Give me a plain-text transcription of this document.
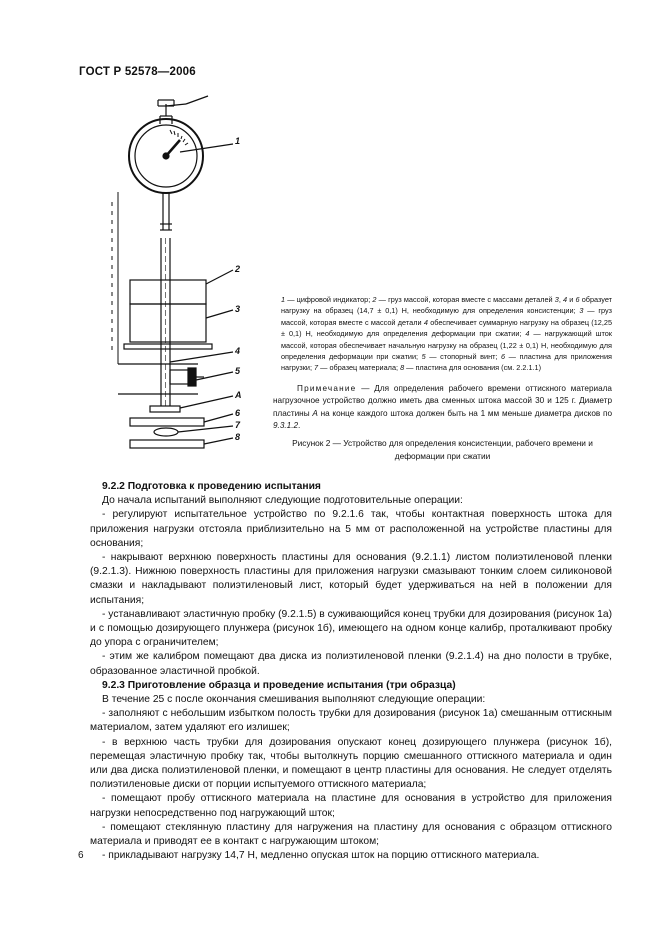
ГОСТ Р 52578—2006
1
2
3
4
5
А
6
7
8

1 — цифровой индикатор; 2 — груз массой, которая вместе с массами деталей 3, 4 и 6 образует нагрузку на образец (14,7 ± 0,1) Н, необходимую для определения консистенции; 3 — груз массой, которая вместе с массой детали 4 обеспечивает суммарную нагрузку на образец (12,25 ± 0,1) Н, необходимую для определения деформации при сжатии; 4 — нагружающий шток массой, которая обеспечивает начальную нагрузку на образец (1,22 ± 0,1) Н, необходимую для определения деформации при сжатии; 5 — стопорный винт; 6 — пластина для приложения нагрузки; 7 — образец материала; 8 — пластина для основания (см. 2.2.1.1)

Примечание — Для определения рабочего времени оттискного материала нагрузочное устройство должно иметь два сменных штока массой 30 и 125 г. Диаметр пластины А на конце каждого штока должен быть на 1 мм меньше диаметра дисков по 9.3.1.2.

Рисунок 2 — Устройство для определения консистенции, рабочего времени и деформации при сжатии

9.2.2 Подготовка к проведению испытания

До начала испытаний выполняют следующие подготовительные операции:

- регулируют испытательное устройство по 9.2.1.6 так, чтобы контактная поверхность штока для приложения нагрузки отстояла приблизительно на 5 мм от расположенной на устройстве пластины для основания;

- накрывают верхнюю поверхность пластины для основания (9.2.1.1) листом полиэтиленовой пленки (9.2.1.3). Нижнюю поверхность пластины для приложения нагрузки смазывают тонким слоем силиконовой смазки и накладывают полиэтиленовый лист, который будет удерживаться на ней в положении для испытания;

- устанавливают эластичную пробку (9.2.1.5) в суживающийся конец трубки для дозирования (рисунок 1а) и с помощью дозирующего плунжера (рисунок 1б), имеющего на одном конце калибр, проталкивают пробку до упора с ограничителем;

- этим же калибром помещают два диска из полиэтиленовой пленки (9.2.1.4) на дно полости в трубке, образованное эластичной пробкой.

9.2.3 Приготовление образца и проведение испытания (три образца)

В течение 25 с после окончания смешивания выполняют следующие операции:

- заполняют с небольшим избытком полость трубки для дозирования (рисунок 1а) смешанным оттискным материалом, затем удаляют его излишек;

- в верхнюю часть трубки для дозирования опускают конец дозирующего плунжера (рисунок 1б), перемещая эластичную пробку так, чтобы вытолкнуть порцию смешанного оттискного материала и один или два диска полиэтиленовой пленки, и помещают в центр пластины для основания. Не следует отделять полиэтиленовые диски от порции испытуемого оттискного материала;

- помещают пробу оттискного материала на пластине для основания в устройство для приложения нагрузки непосредственно под нагружающий шток;

- помещают стеклянную пластину для нагружения на пластину для основания с образцом оттискного материала и приводят ее в контакт с нагружающим штоком;

- прикладывают нагрузку 14,7 Н, медленно опуская шток на порцию оттискного материала.

6
